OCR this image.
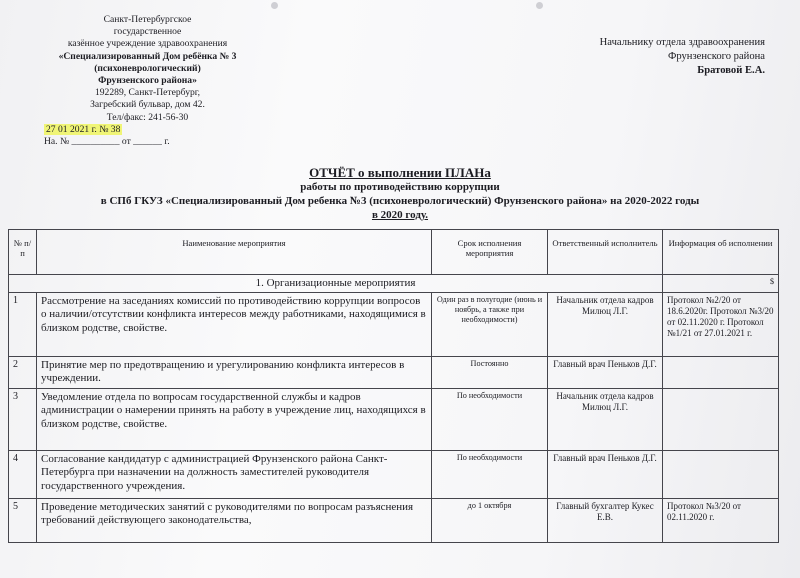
Санкт-Петербургское
государственное
казённое учреждение здравоохранения
«Специализированный Дом ребёнка № 3
(психоневрологический)
Фрунзенского района»
192289, Санкт-Петербург,
Загребский бульвар, дом 42.
Тел/факс: 241-56-30
27 01 2021 г. № 38
На. № __________ от ______ г.
Начальнику отдела здравоохранения
Фрунзенского района
Братовой Е.А.
ОТЧЁТ о выполнении ПЛАНа
работы по противодействию коррупции
в СПб ГКУЗ «Специализированный Дом ребенка №3 (психоневрологический) Фрунзенского района» на 2020-2022 годы
в 2020 году.
№ п/п	Наименование мероприятия	Срок исполнения мероприятия	Ответственный исполнитель	Информация об исполнении
1. Организационные мероприятия				$
1	Рассмотрение на заседаниях комиссий по противодействию коррупции вопросов о наличии/отсутствии конфликта интересов между работниками, находящимися в близком родстве, свойстве.	Один раз в полугодие (июнь и ноябрь, а также при необходимости)	Начальник отдела кадров Милюц Л.Г.	Протокол №2/20 от 18.6.2020г. Протокол №3/20 от 02.11.2020 г. Протокол №1/21 от 27.01.2021 г.
2	Принятие мер по предотвращению и урегулированию конфликта интересов в учреждении.	Постоянно	Главный врач Пеньков Д.Г.	
3	Уведомление отдела по вопросам государственной службы и кадров администрации о намерении принять на работу в учреждение лиц, находящихся в близком родстве, свойстве.	По необходимости	Начальник отдела кадров Милюц Л.Г.	
4	Согласование кандидатур с администрацией Фрунзенского района Санкт-Петербурга при назначении на должность заместителей руководителя государственного учреждения.	По необходимости	Главный врач Пеньков Д.Г.	
5	Проведение методических занятий с руководителями по вопросам разъяснения требований действующего законодательства,	до 1 октября	Главный бухгалтер Кукес Е.В.	Протокол №3/20 от 02.11.2020 г.
